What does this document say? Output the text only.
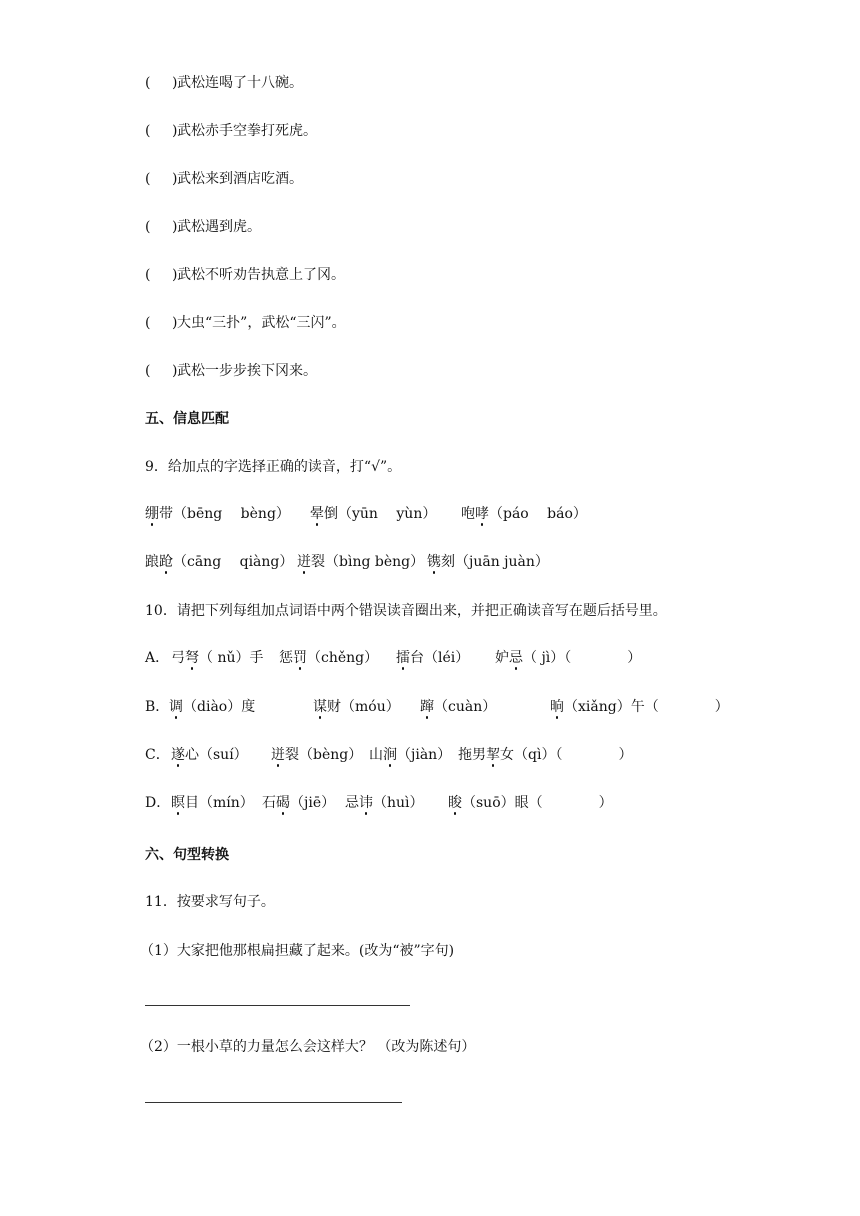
( ) 武松连喝了十八碗。
( ) 武松赤手空拳打死虎。
( ) 武松来到酒店吃酒。
( ) 武松遇到虎。
( ) 武松不听劝告执意上了冈。
( ) 大虫“三扑”，武松“三闪”。
( ) 武松一步步挨下冈来。
五、信息匹配
9．给加点的字选择正确的读音，打“√”。
绷带（bēng　 bèng） 晕倒（yūn　 yùn） 咆哮（páo　 báo）
踉跄（cāng　 qiàng） 迸裂（bìng bèng） 镌刻（juān juàn）
10．请把下列每组加点词语中两个错误读音圈出来，并把正确读音写在题后括号里。
A． 弓弩（ nǔ）手 惩罚（chěng） 擂台（léi） 妒忌（ jì）（　　　　）
B． 调（diào）度	谋财（móu） 蹿（cuàn）	晌（xiǎng）午（　　　　）
C． 遂心（suí） 迸裂（bèng） 山涧（jiàn） 拖男挈女（qì）（　　　　）
D． 瞑目（mín） 石碣（jiē） 忌讳（huì） 睃（suō）眼（　　　　）
六、句型转换
11．按要求写句子。
（1）大家把他那根扁担藏了起来。(改为“被”字句)
（2）一根小草的力量怎么会这样大？ （改为陈述句）
